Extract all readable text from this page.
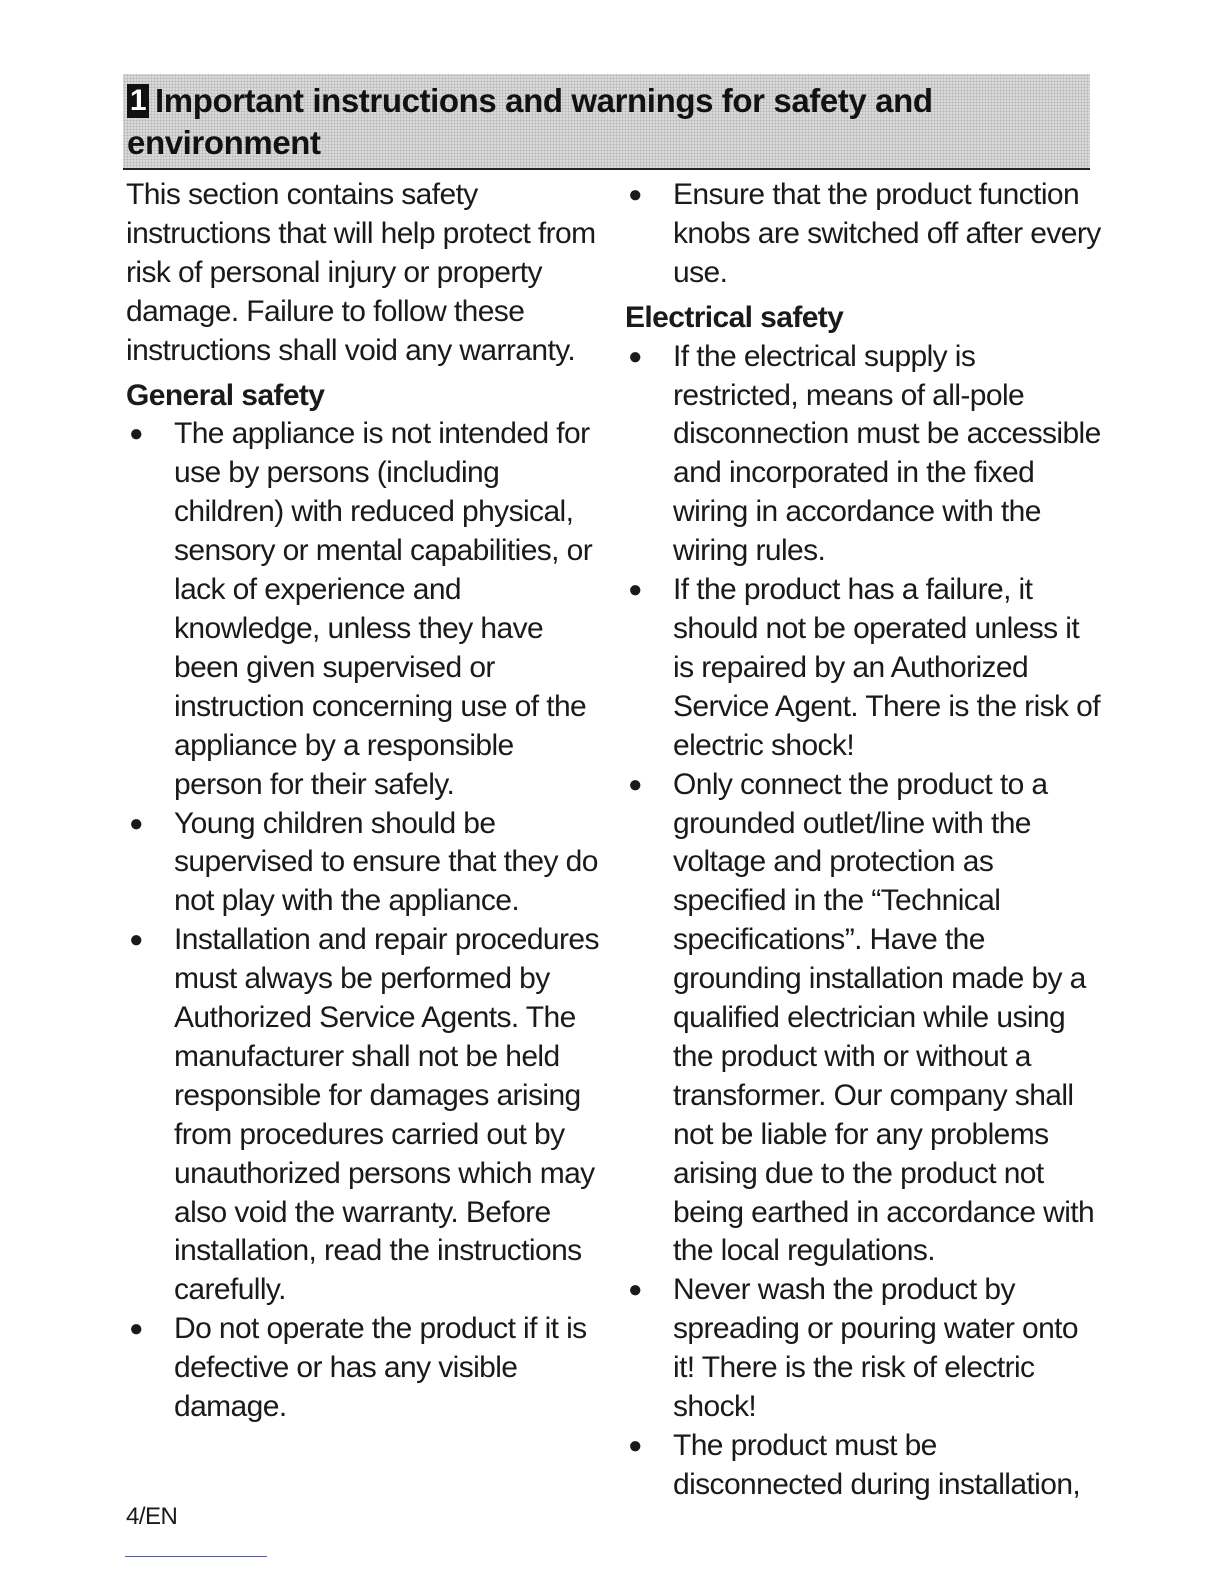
1 Important instructions and warnings for safety and environment

This section contains safety instructions that will help protect from risk of personal injury or property damage. Failure to follow these instructions shall void any warranty.

General safety
● The appliance is not intended for use by persons (including children) with reduced physical, sensory or mental capabilities, or lack of experience and knowledge, unless they have been given supervised or instruction concerning use of the appliance by a responsible person for their safely.
● Young children should be supervised to ensure that they do not play with the appliance.
● Installation and repair procedures must always be performed by Authorized Service Agents. The manufacturer shall not be held responsible for damages arising from procedures carried out by unauthorized persons which may also void the warranty. Before installation, read the instructions carefully.
● Do not operate the product if it is defective or has any visible damage.
● Ensure that the product function knobs are switched off after every use.
Electrical safety
● If the electrical supply is restricted, means of all-pole disconnection must be accessible and incorporated in the fixed wiring in accordance with the wiring rules.
● If the product has a failure, it should not be operated unless it is repaired by an Authorized Service Agent. There is the risk of electric shock!
● Only connect the product to a grounded outlet/line with the voltage and protection as specified in the “Technical specifications”. Have the grounding installation made by a qualified electrician while using the product with or without a transformer. Our company shall not be liable for any problems arising due to the product not being earthed in accordance with the local regulations.
● Never wash the product by spreading or pouring water onto it! There is the risk of electric shock!
● The product must be disconnected during installation,
4/EN
